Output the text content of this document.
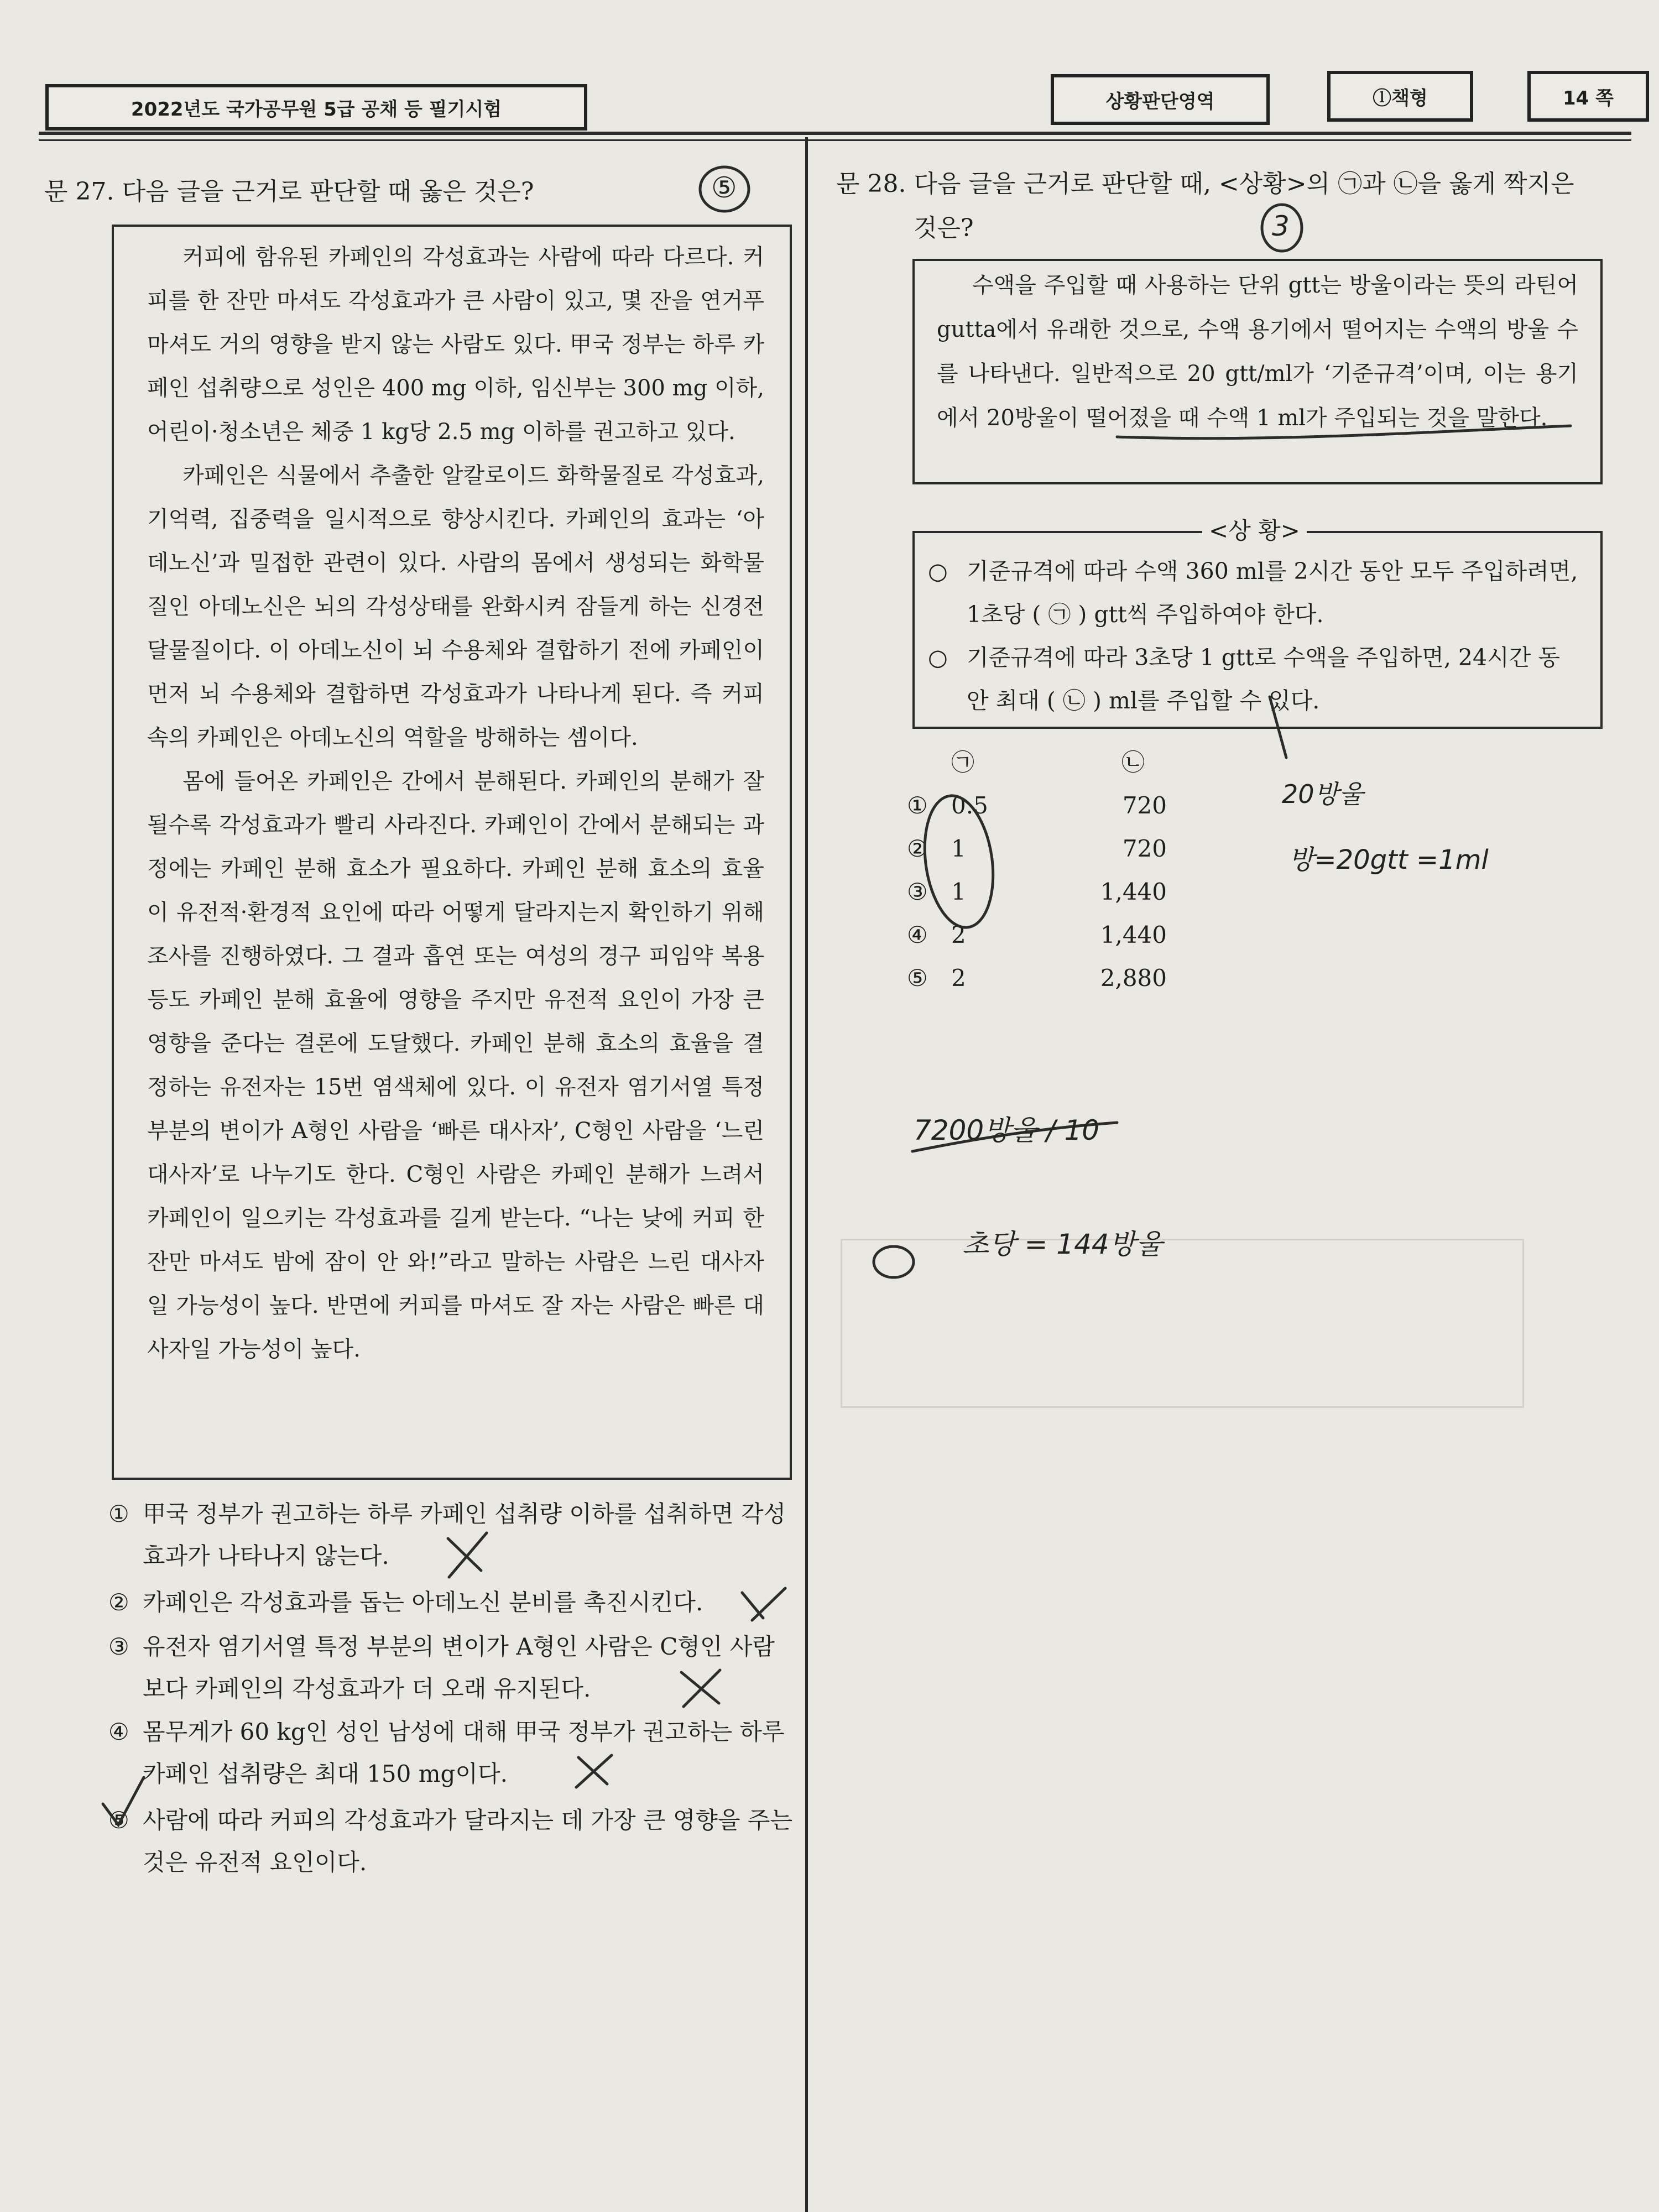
2022년도 국가공무원 5급 공채 등 필기시험	상황판단영역	ⓛ책형	14 쪽
문 27. 다음 글을 근거로 판단할 때 옳은 것은?

커피에 함유된 카페인의 각성효과는 사람에 따라 다르다. 커피를 한 잔만 마셔도 각성효과가 큰 사람이 있고, 몇 잔을 연거푸 마셔도 거의 영향을 받지 않는 사람도 있다. 甲국 정부는 하루 카페인 섭취량으로 성인은 400 mg 이하, 임신부는 300 mg 이하, 어린이·청소년은 체중 1 kg당 2.5 mg 이하를 권고하고 있다.

카페인은 식물에서 추출한 알칼로이드 화학물질로 각성효과, 기억력, 집중력을 일시적으로 향상시킨다. 카페인의 효과는 ‘아데노신’과 밀접한 관련이 있다. 사람의 몸에서 생성되는 화학물질인 아데노신은 뇌의 각성상태를 완화시켜 잠들게 하는 신경전달물질이다. 이 아데노신이 뇌 수용체와 결합하기 전에 카페인이 먼저 뇌 수용체와 결합하면 각성효과가 나타나게 된다. 즉 커피 속의 카페인은 아데노신의 역할을 방해하는 셈이다.

몸에 들어온 카페인은 간에서 분해된다. 카페인의 분해가 잘 될수록 각성효과가 빨리 사라진다. 카페인이 간에서 분해되는 과정에는 카페인 분해 효소가 필요하다. 카페인 분해 효소의 효율이 유전적·환경적 요인에 따라 어떻게 달라지는지 확인하기 위해 조사를 진행하였다. 그 결과 흡연 또는 여성의 경구 피임약 복용 등도 카페인 분해 효율에 영향을 주지만 유전적 요인이 가장 큰 영향을 준다는 결론에 도달했다. 카페인 분해 효소의 효율을 결정하는 유전자는 15번 염색체에 있다. 이 유전자 염기서열 특정 부분의 변이가 A형인 사람을 ‘빠른 대사자’, C형인 사람을 ‘느린 대사자’로 나누기도 한다. C형인 사람은 카페인 분해가 느려서 카페인이 일으키는 각성효과를 길게 받는다. “나는 낮에 커피 한 잔만 마셔도 밤에 잠이 안 와!”라고 말하는 사람은 느린 대사자일 가능성이 높다. 반면에 커피를 마셔도 잘 자는 사람은 빠른 대사자일 가능성이 높다.

① 甲국 정부가 권고하는 하루 카페인 섭취량 이하를 섭취하면 각성효과가 나타나지 않는다.
② 카페인은 각성효과를 돕는 아데노신 분비를 촉진시킨다.
③ 유전자 염기서열 특정 부분의 변이가 A형인 사람은 C형인 사람보다 카페인의 각성효과가 더 오래 유지된다.
④ 몸무게가 60 kg인 성인 남성에 대해 甲국 정부가 권고하는 하루 카페인 섭취량은 최대 150 mg이다.
⑤ 사람에 따라 커피의 각성효과가 달라지는 데 가장 큰 영향을 주는 것은 유전적 요인이다.
문 28. 다음 글을 근거로 판단할 때, <상황>의 ㉠과 ㉡을 옳게 짝지은
것은?

수액을 주입할 때 사용하는 단위 gtt는 방울이라는 뜻의 라틴어 gutta에서 유래한 것으로, 수액 용기에서 떨어지는 수액의 방울 수를 나타낸다. 일반적으로 20 gtt/ml가 ‘기준규격’이며, 이는 용기에서 20방울이 떨어졌을 때 수액 1 ml가 주입되는 것을 말한다.

<상 황>

○ 기준규격에 따라 수액 360 ml를 2시간 동안 모두 주입하려면, 1초당 ( ㉠ ) gtt씩 주입하여야 한다.

○ 기준규격에 따라 3초당 1 gtt로 수액을 주입하면, 24시간 동안 최대 ( ㉡ ) ml를 주입할 수 있다.

㉠	㉡
①	0.5	720
②	1	720
③	1	1,440
④	2	1,440
⑤	2	2,880
⑤
3
20방울
방=20gtt =1ml
7200방울 / 10
초당 = 144방울
